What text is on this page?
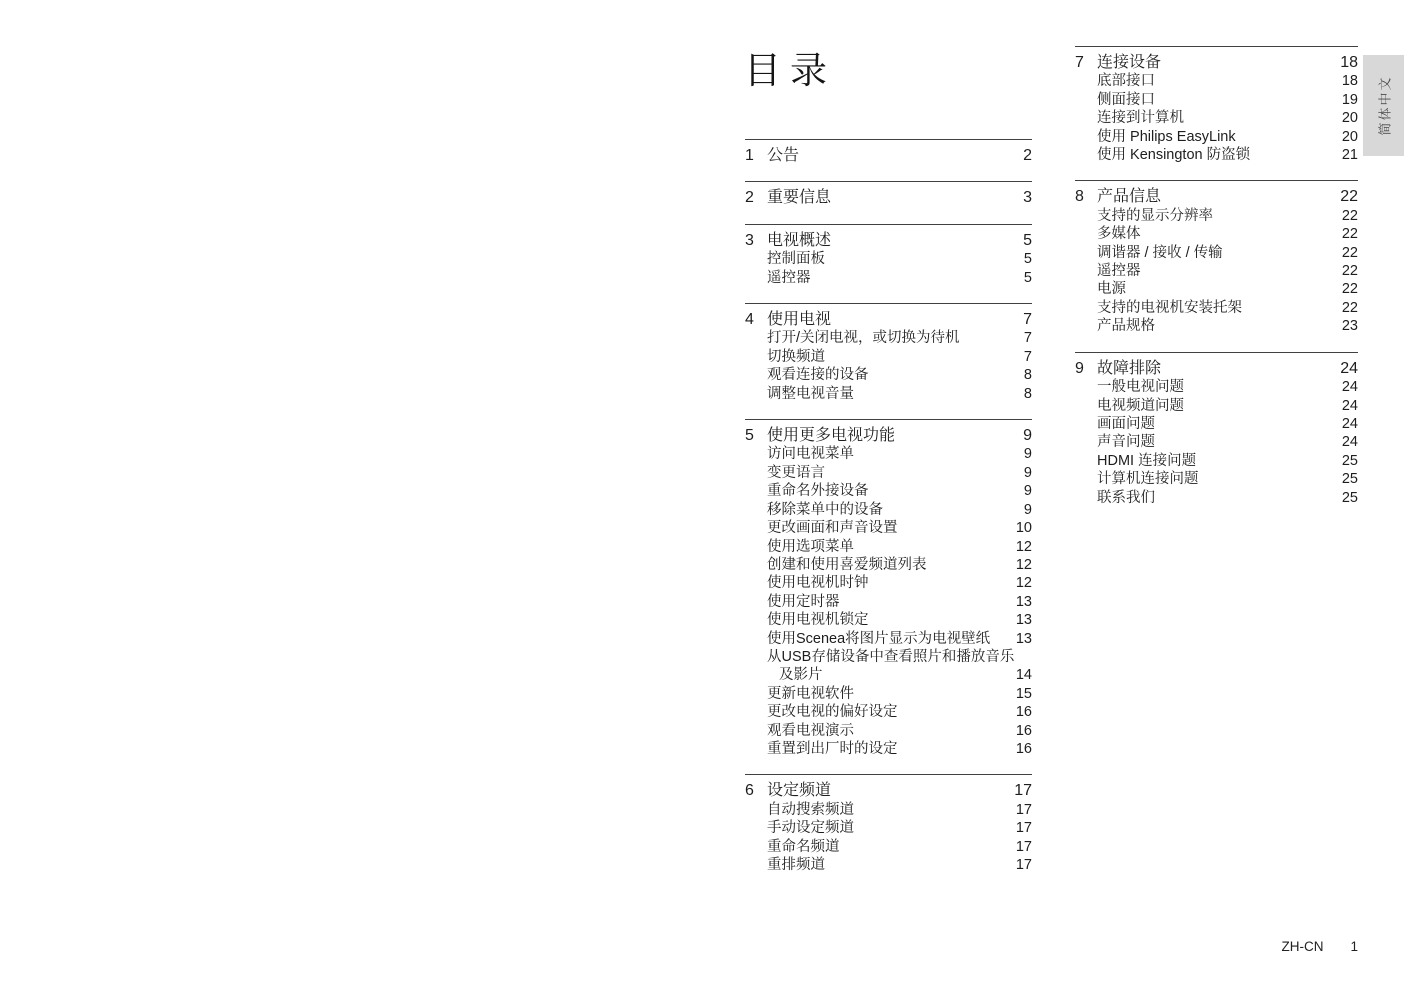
目录
1 公告	2
2 重要信息	3
3 电视概述	5
控制面板	5
遥控器	5
4 使用电视	7
打开/关闭电视，或切换为待机	7
切换频道	7
观看连接的设备	8
调整电视音量	8
5 使用更多电视功能	9
访问电视菜单	9
变更语言	9
重命名外接设备	9
移除菜单中的设备	9
更改画面和声音设置	10
使用选项菜单	12
创建和使用喜爱频道列表	12
使用电视机时钟	12
使用定时器	13
使用电视机锁定	13
使用Scenea将图片显示为电视壁纸	13
从USB存储设备中查看照片和播放音乐
及影片	14
更新电视软件	15
更改电视的偏好设定	16
观看电视演示	16
重置到出厂时的设定	16
6 设定频道	17
自动搜索频道	17
手动设定频道	17
重命名频道	17
重排频道	17
7 连接设备	18
底部接口	18
侧面接口	19
连接到计算机	20
使用 Philips EasyLink	20
使用 Kensington 防盗锁	21
8 产品信息	22
支持的显示分辨率	22
多媒体	22
调谐器 / 接收 / 传输	22
遥控器	22
电源	22
支持的电视机安装托架	22
产品规格	23
9 故障排除	24
一般电视问题	24
电视频道问题	24
画面问题	24
声音问题	24
HDMI 连接问题	25
计算机连接问题	25
联系我们	25
简体中文
ZH-CN 1
